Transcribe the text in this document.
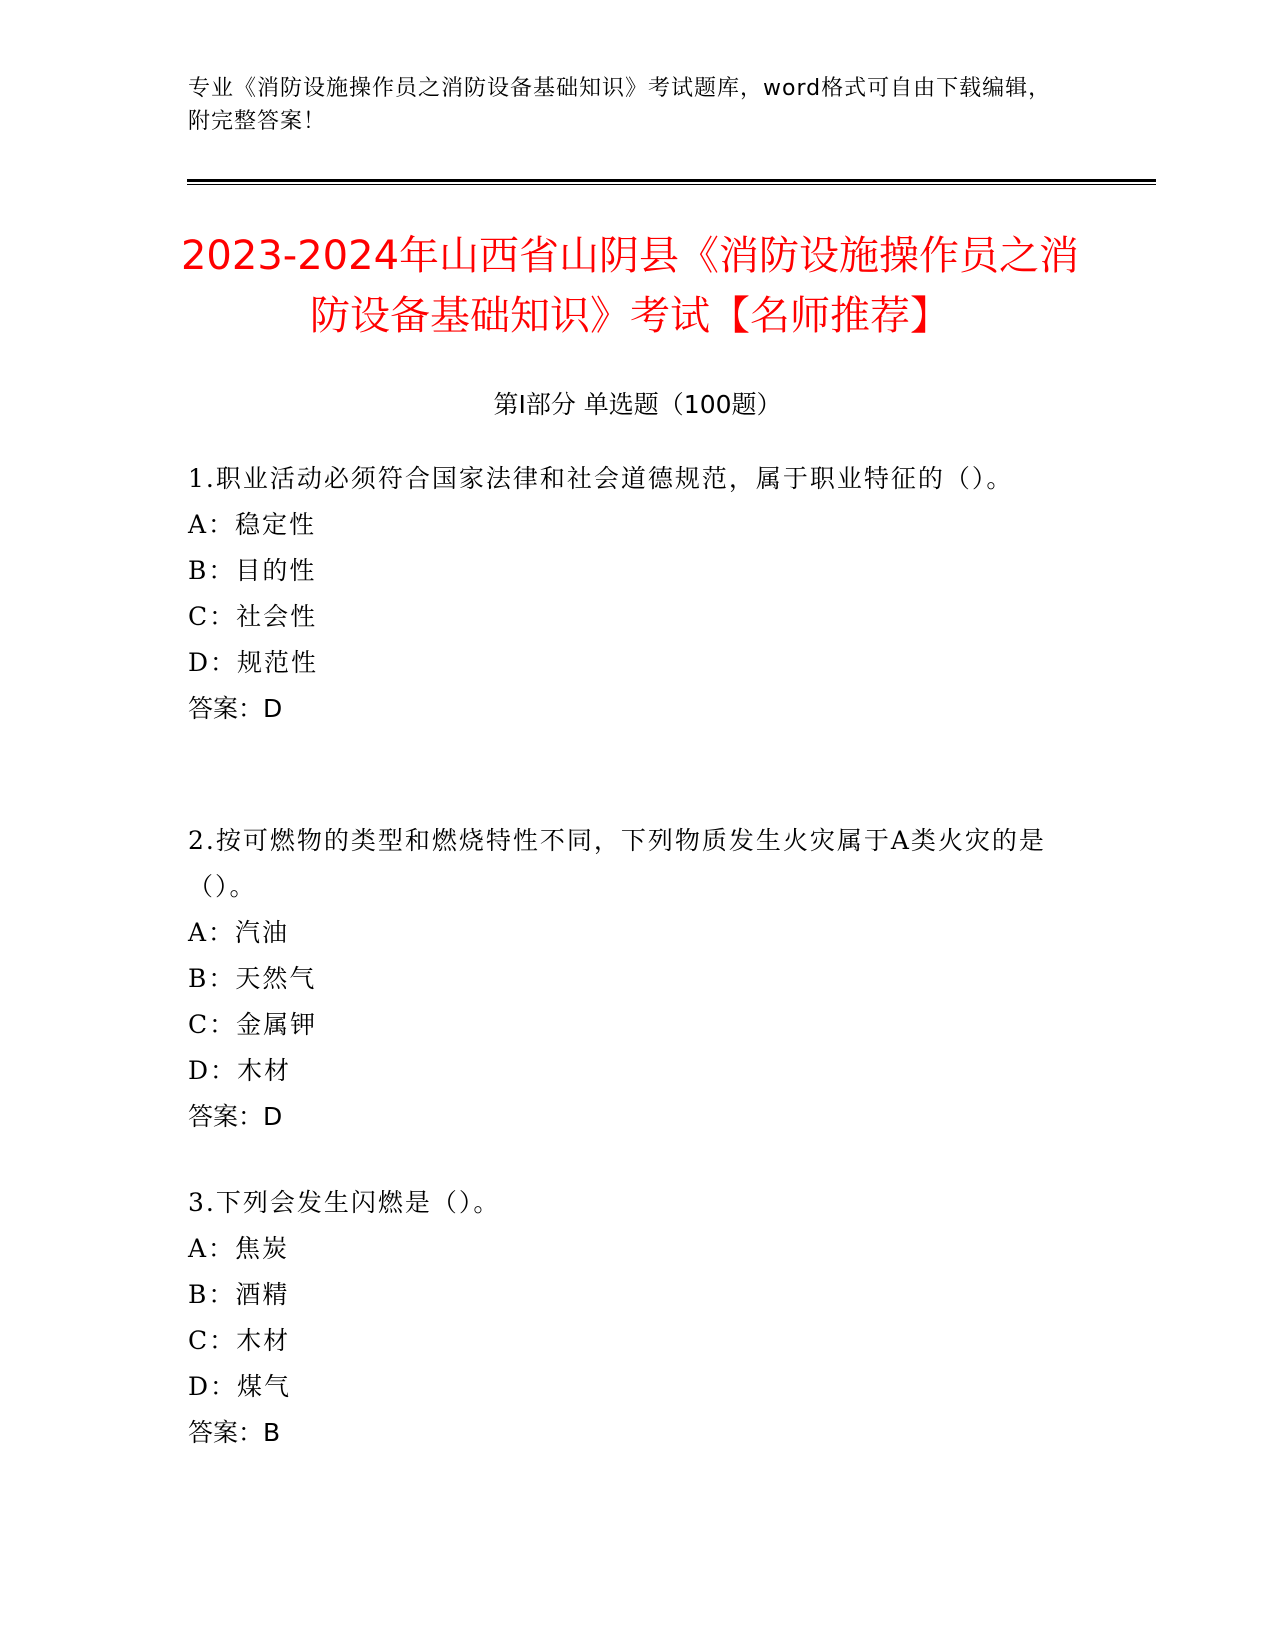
专业《消防设施操作员之消防设备基础知识》考试题库，word格式可自由下载编辑，附完整答案！
2023-2024年山西省山阴县《消防设施操作员之消防设备基础知识》考试【名师推荐】
第Ⅰ部分 单选题（100题）
1.职业活动必须符合国家法律和社会道德规范，属于职业特征的（）。
A：稳定性
B：目的性
C：社会性
D：规范性
答案：D
2.按可燃物的类型和燃烧特性不同，下列物质发生火灾属于A类火灾的是（）。
A：汽油
B：天然气
C：金属钾
D：木材
答案：D
3.下列会发生闪燃是（）。
A：焦炭
B：酒精
C：木材
D：煤气
答案：B
